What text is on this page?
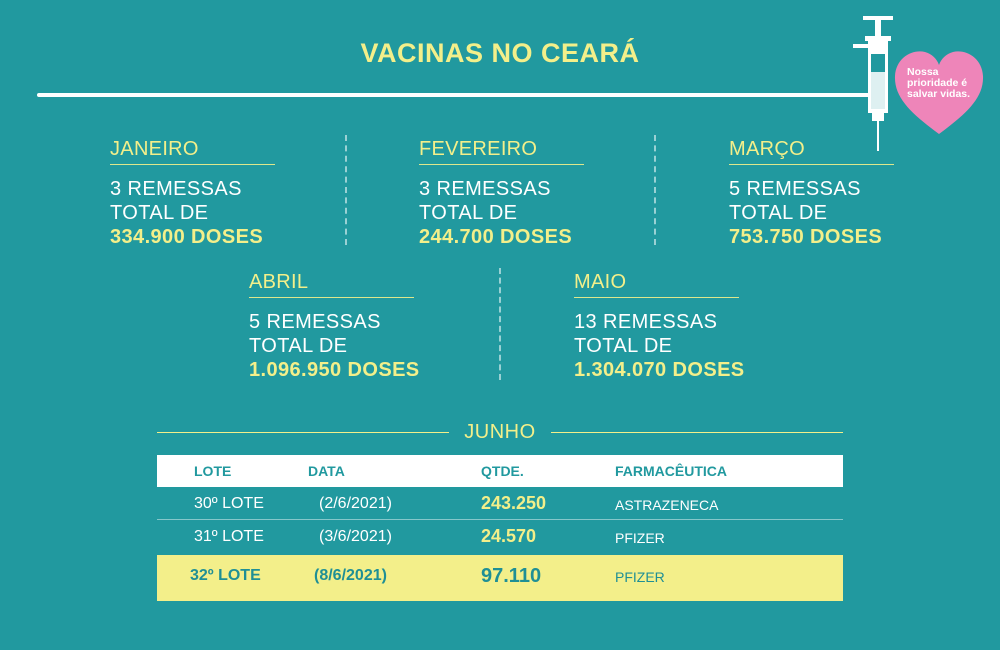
VACINAS NO CEARÁ
Nossa prioridade é salvar vidas.
JANEIRO
3 REMESSAS
TOTAL DE
334.900 DOSES
FEVEREIRO
3 REMESSAS
TOTAL DE
244.700 DOSES
MARÇO
5 REMESSAS
TOTAL DE
753.750 DOSES
ABRIL
5 REMESSAS
TOTAL DE
1.096.950 DOSES
MAIO
13 REMESSAS
TOTAL DE
1.304.070 DOSES
JUNHO
LOTE	DATA	QTDE.	FARMACÊUTICA
30º LOTE	(2/6/2021)	243.250	ASTRAZENECA
31º LOTE	(3/6/2021)	24.570	PFIZER
32º LOTE	(8/6/2021)	97.110	PFIZER
